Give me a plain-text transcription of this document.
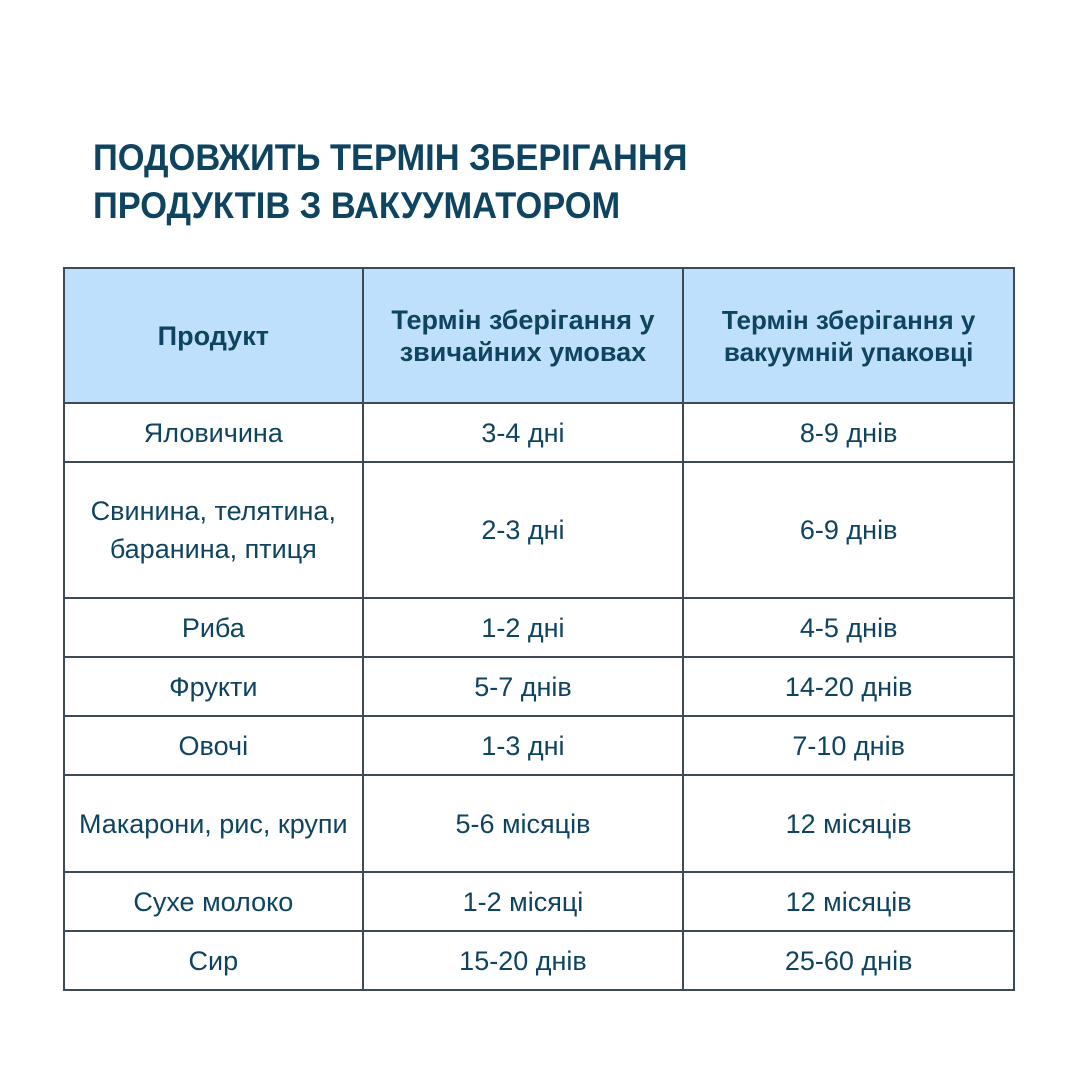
ПОДОВЖИТЬ ТЕРМІН ЗБЕРІГАННЯ
ПРОДУКТІВ З ВАКУУМАТОРОМ
Продукт	Термін зберігання у звичайних умовах	Термін зберігання у вакуумній упаковці
Яловичина	3-4 дні	8-9 днів
Свинина, телятина, баранина, птиця	2-3 дні	6-9 днів
Риба	1-2 дні	4-5 днів
Фрукти	5-7 днів	14-20 днів
Овочі	1-3 дні	7-10 днів
Макарони, рис, крупи	5-6 місяців	12 місяців
Сухе молоко	1-2 місяці	12 місяців
Сир	15-20 днів	25-60 днів
